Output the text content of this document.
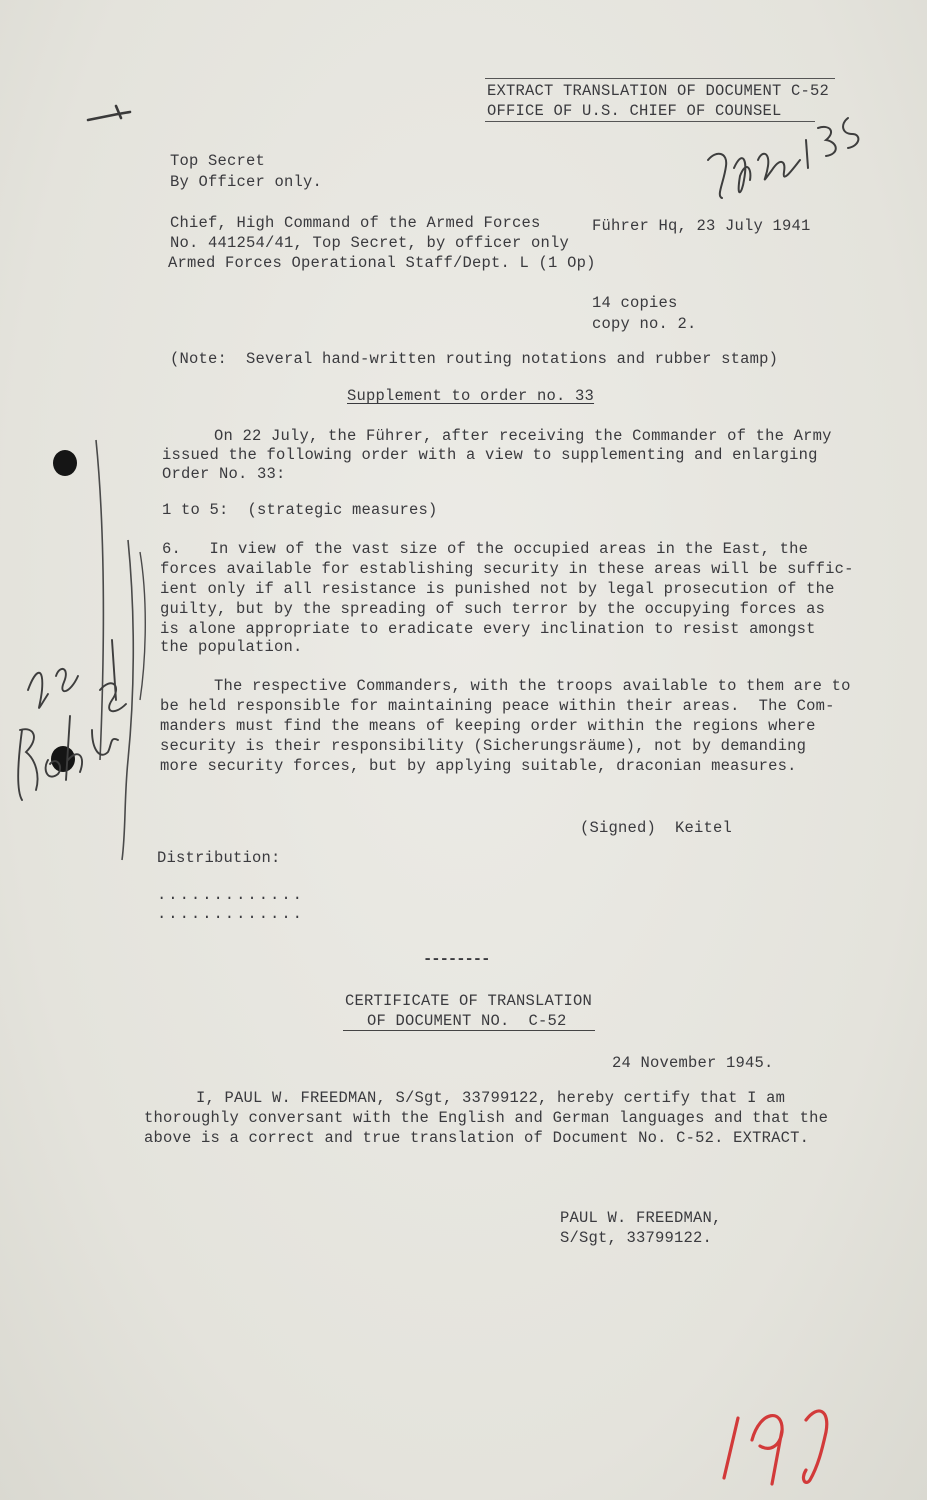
EXTRACT TRANSLATION OF DOCUMENT C-52
OFFICE OF U.S. CHIEF OF COUNSEL
Top Secret
By Officer only.
Chief, High Command of the Armed Forces
No. 441254/41, Top Secret, by officer only
Armed Forces Operational Staff/Dept. L (1 Op)
Führer Hq, 23 July 1941
14 copies
copy no. 2.
(Note:  Several hand-written routing notations and rubber stamp)
Supplement to order no. 33
On 22 July, the Führer, after receiving the Commander of the Army
issued the following order with a view to supplementing and enlarging
Order No. 33:
1 to 5:  (strategic measures)
6.   In view of the vast size of the occupied areas in the East, the
forces available for establishing security in these areas will be suffic-
ient only if all resistance is punished not by legal prosecution of the
guilty, but by the spreading of such terror by the occupying forces as
is alone appropriate to eradicate every inclination to resist amongst
the population.
The respective Commanders, with the troops available to them are to
be held responsible for maintaining peace within their areas.  The Com-
manders must find the means of keeping order within the regions where
security is their responsibility (Sicherungsräume), not by demanding
more security forces, but by applying suitable, draconian measures.
(Signed)  Keitel
Distribution:
.............
.............
--------
CERTIFICATE OF TRANSLATION
OF DOCUMENT NO.  C-52
24 November 1945.
I, PAUL W. FREEDMAN, S/Sgt, 33799122, hereby certify that I am
thoroughly conversant with the English and German languages and that the
above is a correct and true translation of Document No. C-52. EXTRACT.
PAUL W. FREEDMAN,
S/Sgt, 33799122.
